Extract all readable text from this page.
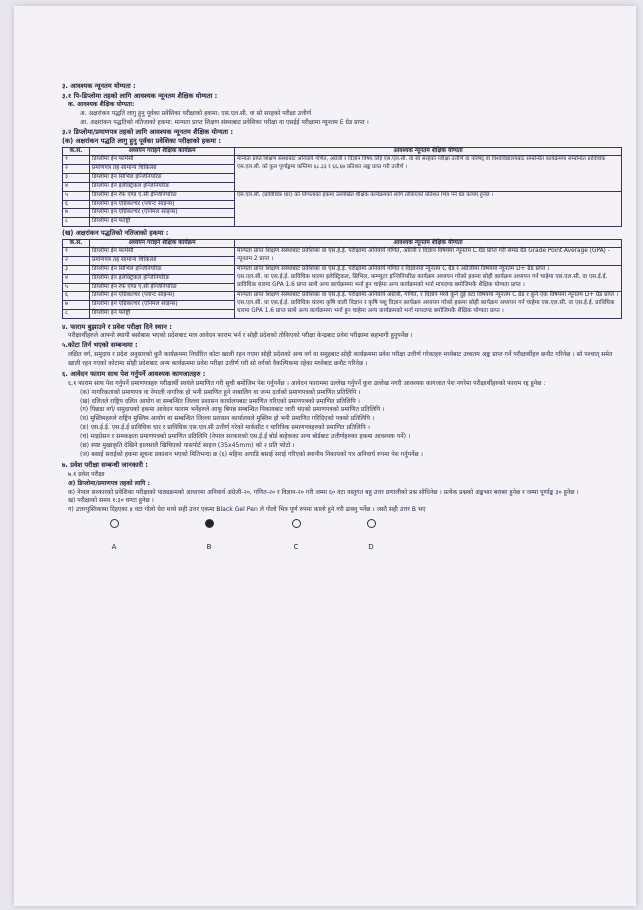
३. आवश्यक न्यूनतम योग्यता :

३.१ पि-डिप्लोमा तहको लागि आवश्यक न्यूनतम शैक्षिक योग्यता :

क. आवश्यक शैक्षिक योग्यता:

अ. अक्षरांकन पद्धति लागु हुनु पूर्वका प्रवेशिका परीक्षाको हकमा: एस.एल.सी. वा सो सरहको परीक्षा उत्तीर्ण

आ. अक्षरांकन पद्धतिको नतिजाको हकमा: मान्यता प्राप्त शिक्षण संस्थाबाट प्रवेशिका परीक्षा वा एसईई परीक्षामा न्यूनतम E ग्रेड प्राप्त ।

३.२ डिप्लोमा/प्रमाणपत्र तहको लागि आवश्यक न्यूनतम शैक्षिक योग्यता :

(क) अक्षरांकन पद्धति लागु हुनु पूर्वका प्रवेशिका परीक्षाको हकमा :

क.सं.	अध्ययन गराइने शैक्षिक कार्यक्रम	आवश्यक न्यूनतम शैक्षिक योग्यता
१	डिप्लोमा ईन फार्मेसी	मान्यता प्राप्त शिक्षण संस्थाबाट अनिवार्य गणित, अंग्रेजी र विज्ञान विषय लिई एस.एल.सी. वा सो सरहको परीक्षा उत्तीर्ण वा परिषद् वा विश्वविद्यालयबाट सम्बन्धित कार्यक्रममा सम्बन्धित प्राविधिक एस.एल.सी. को कुल पूर्णाङ्कमा कम्तिमा ६८.३३ र ६६.६७ प्रतिशत अङ्क प्राप्त गरी उत्तीर्ण ।
२	प्रमाणपत्र तह सामान्य चिकित्सा	
३	डिप्लोमा ईन सिभिल इन्जिनियरिङ	
४	डिप्लोमा ईन इलेक्ट्रिकल इन्जिनियरिङ	
५	डिप्लोमा ईन रेफ एण्ड ए.सी ईन्जिनियरिङ	एस.एल.सी. (प्राविधिक धार) को योग्यताको हकमा उल्लेखित शैक्षिक कार्यक्रमको लागि तोकिएको प्रतिशत भित्र पर्ने ग्रेड कायम हुनेछ ।
६	डिप्लोमा इन एग्रिकल्चर (प्लान्ट साइन्स)	
७	डिप्लोमा इन एग्रिकल्चर (एनिमल साइन्स)	
८	डिप्लोमा इन फरेष्ट्री	

(ख) अक्षरांकन पद्धतिको नतिजाको हकमा :

क.सं.	अध्ययन गराइने शैक्षिक कार्यक्रम	आवश्यक न्यूनतम शैक्षिक योग्यता
१	डिप्लोमा ईन फार्मेसी	मान्यता प्राप्त शिक्षण संस्थाबाट प्रवेशिका वा एस.ई.ई. परीक्षामा अनिवार्य गणित, अंग्रेजी र विज्ञान विषयमा न्यूनतम C ग्रेड प्राप्त गरी समग्र ग्रेड Grade Point Average (GPA) - न्यूनतम 2 प्राप्त ।
२	प्रमाणपत्र तह सामान्य चिकित्सा	
३	डिप्लोमा ईन सिभिल इन्जिनियरिङ	मान्यता प्राप्त शिक्षण संस्थाबाट प्रवेशिका वा एस.ई.ई. परीक्षामा अनिवार्य गणित र विज्ञानमा न्यूनतम C ग्रेड र अंग्रेजीमा विषयमा न्यूनतम D+ ग्रेड प्राप्त ।
एस.एल.सी. वा एस.ई.ई. प्राविधिक धारमा इलेक्ट्रिकल, सिभिल, कम्प्युटर इन्जिनियरिङ कार्यक्रम अध्ययन गरेको हकमा सोही कार्यक्रम अध्ययन गर्न चाहेमा एस.एल.सी. वा एस.ई.ई. प्राविधिक धारमा GPA 1.6 प्राप्त साथै अन्य कार्यक्रममा भर्ना हुन चाहेमा अन्य कार्यक्रमको भर्ना मापदण्ड बमोजिमकै शैक्षिक योग्यता प्राप्त ।

४	डिप्लोमा ईन इलेक्ट्रिकल इन्जिनियरिङ	
५	डिप्लोमा ईन रेफ एण्ड ए.सी ईन्जिनियरिङ	
६	डिप्लोमा इन एग्रिकल्चर (प्लान्ट साइन्स)	मान्यता प्राप्त शिक्षण संस्थाबाट प्रवेशिका वा एस.ई.ई. परीक्षामा अनिवार्य अंग्रेजी, गणित, र विज्ञान मध्ये कुनै दुई वटा विषयमा न्यूनतम C ग्रेड र कुनै एक विषयमा न्यूनतम D+ ग्रेड प्राप्त ।
एस.एल.सी. वा एस.ई.ई. प्राविधिक धारमा कृषि वाली विज्ञान र कृषि पशु विज्ञान कार्यक्रम अध्ययन गरेको हकमा सोही कार्यक्रम अध्ययन गर्न चाहेमा एस.एल.सी. वा एस.ई.ई. प्राविधिक धारमा GPA 1.6 प्राप्त साथै अन्य कार्यक्रममा भर्ना हुन चाहेमा अन्य कार्यक्रमको भर्ना मापदण्ड बमोजिमकै शैक्षिक योग्यता प्राप्त ।

७	डिप्लोमा इन एग्रिकल्चर (एनिमल साइन्स)	
८	डिप्लोमा इन फरेष्ट्री	

४. फाराम बुझाउने र प्रवेश परीक्षा दिने स्थान :

परीक्षार्थीहरुले आफ्नो स्थायी बसोबास भएको प्रदेशबाट मात्र आवेदन फाराम भर्न र सोही प्रदेशको तोकिएको परीक्षा केन्द्रबाट प्रवेश परीक्षामा सहभागी हुनुपर्नेछ ।

५.कोटा तिर्न भएको सम्बन्धमा :

लक्षित वर्ग, समुदाय र प्रदेश अनुसारको कुनै कार्यक्रममा निर्धारित कोटा खाली रहन गएमा सोही प्रदेशको अन्य वर्ग वा समुहबाट सोही कार्यक्रममा प्रवेश परीक्षा उत्तीर्ण गरेकाहरु मध्येबाट उच्चतम अङ्क प्राप्त गर्ने परीक्षार्थीहरु छनौट गरिनेछ । सो पश्चात् समेत खाली रहन गएको कोटामा सोही प्रदेशबाट अन्य कार्यक्रममा प्रवेश परीक्षा उत्तीर्ण गरी सो वर्गको वैकल्पिकमा रहेका मध्येबाट छनौट गरिनेछ ।

६. आवेदन फाराम साथ पेश गर्नुपर्ने आवश्यक कागजातहरु :

६.१ फाराम साथ पेश गर्नुपर्ने प्रमाणपत्रहरु परीक्षार्थी स्वयंले प्रमाणित गरी सुची बमोजिम पेश गर्नुपर्नेछ । आवेदन फाराममा उल्लेख गर्नुपर्ने कुरा उल्लेख नगरी आवश्यक कागजात पेश नगरेमा परीक्षार्थीहरुको फाराम रद्द हुनेछ :

(क) नागरिकताको प्रमाणपत्र वा नेपाली नागरिक हो भनी प्रमाणित हुने नाबालिग वा जन्म दर्ताको प्रमाणपत्रको प्रमाणित प्रतिलिपि ।

(ख) दलितले राष्ट्रिय दलित आयोग वा सम्बन्धित जिल्ला प्रशासन कार्यालयबाट प्रमाणित गरिएको प्रमाणपत्रको प्रमाणित प्रतिलिपि ।

(ग) पिछडा वर्ग/ समुदायको हकमा आवेदन फाराम भर्नेहरुले आफू बिपन्न सम्बन्धित निकायबाट जारी भएको प्रमाणपत्रको प्रमाणित प्रतिलिपि ।

(घ) मुस्लिमहरुले राष्ट्रिय मुस्लिम आयोग वा सम्बन्धित जिल्ला प्रशासन कार्यालयले मुस्लिम हो भनी प्रमाणित गरिदिएको पत्रको प्रतिलिपि ।

(ङ) एस.ई.ई. एस.ई.ई प्राविधिक धार र प्राविधिक एस.एल.सी उत्तीर्ण गरेको मार्कसीट र चारित्रिक प्रमाणपत्रहरुको प्रमाणित प्रतिलिपि ।

(च) माइग्रेसन र समकक्षता प्रमाणपत्रको प्रमाणित प्रतिलिपि (नेपाल सरकारको एस.ई.ई बोर्ड बाहेकका अन्य बोर्डबाट उत्तीर्णहरुका हकमा आवश्यक पर्ने) ।

(छ) स्पष्ट मुखाकृति देखिने हालसालै खिचिएको पासपोर्ट साइज (35x45mm) को २ प्रति फोटो ।

(ज) बसाई सराईको हकमा सूचना प्रकाशन भएको मितिभन्दा छ (६) महिना अगाडि बसाई सराई गरिएको स्थानीय निकायको पत्र अनिवार्य रुपमा पेश गर्नुपर्नेछ ।

७. प्रवेश परीक्षा सम्बन्धी जानकारी :

७.१ प्रवेश परीक्षा

अ) डिप्लोमा/प्रमाणपत्र तहको लागि :

क) नेपाल सरकारको प्रवेशिका परीक्षाको पाठ्यक्रमको आधारमा अनिवार्य अंग्रेजी-२०, गणित-२० र विज्ञान-२० गरी जम्मा ६० वटा वस्तुगत बहु उत्तर प्रणालीको प्रश्न सोधिनेछ । प्रत्येक प्रश्नको अङ्कभार बराबर हुनेछ र जम्मा पूर्णाङ्क ३० हुनेछ ।

ख) परीक्षाको समय १:३० घण्टा हुनेछ ।

ग) उत्तरपुस्तिकामा दिइएका ४ वटा गोलो घेरा मध्ये सही उत्तर एकमा Black Gel Pen ले गोलो भित्र पूर्ण रुपमा कालो हुने गरी ढाक्नु पर्नेछ । जस्तै सही उत्तर B भए

A	B	C	D
